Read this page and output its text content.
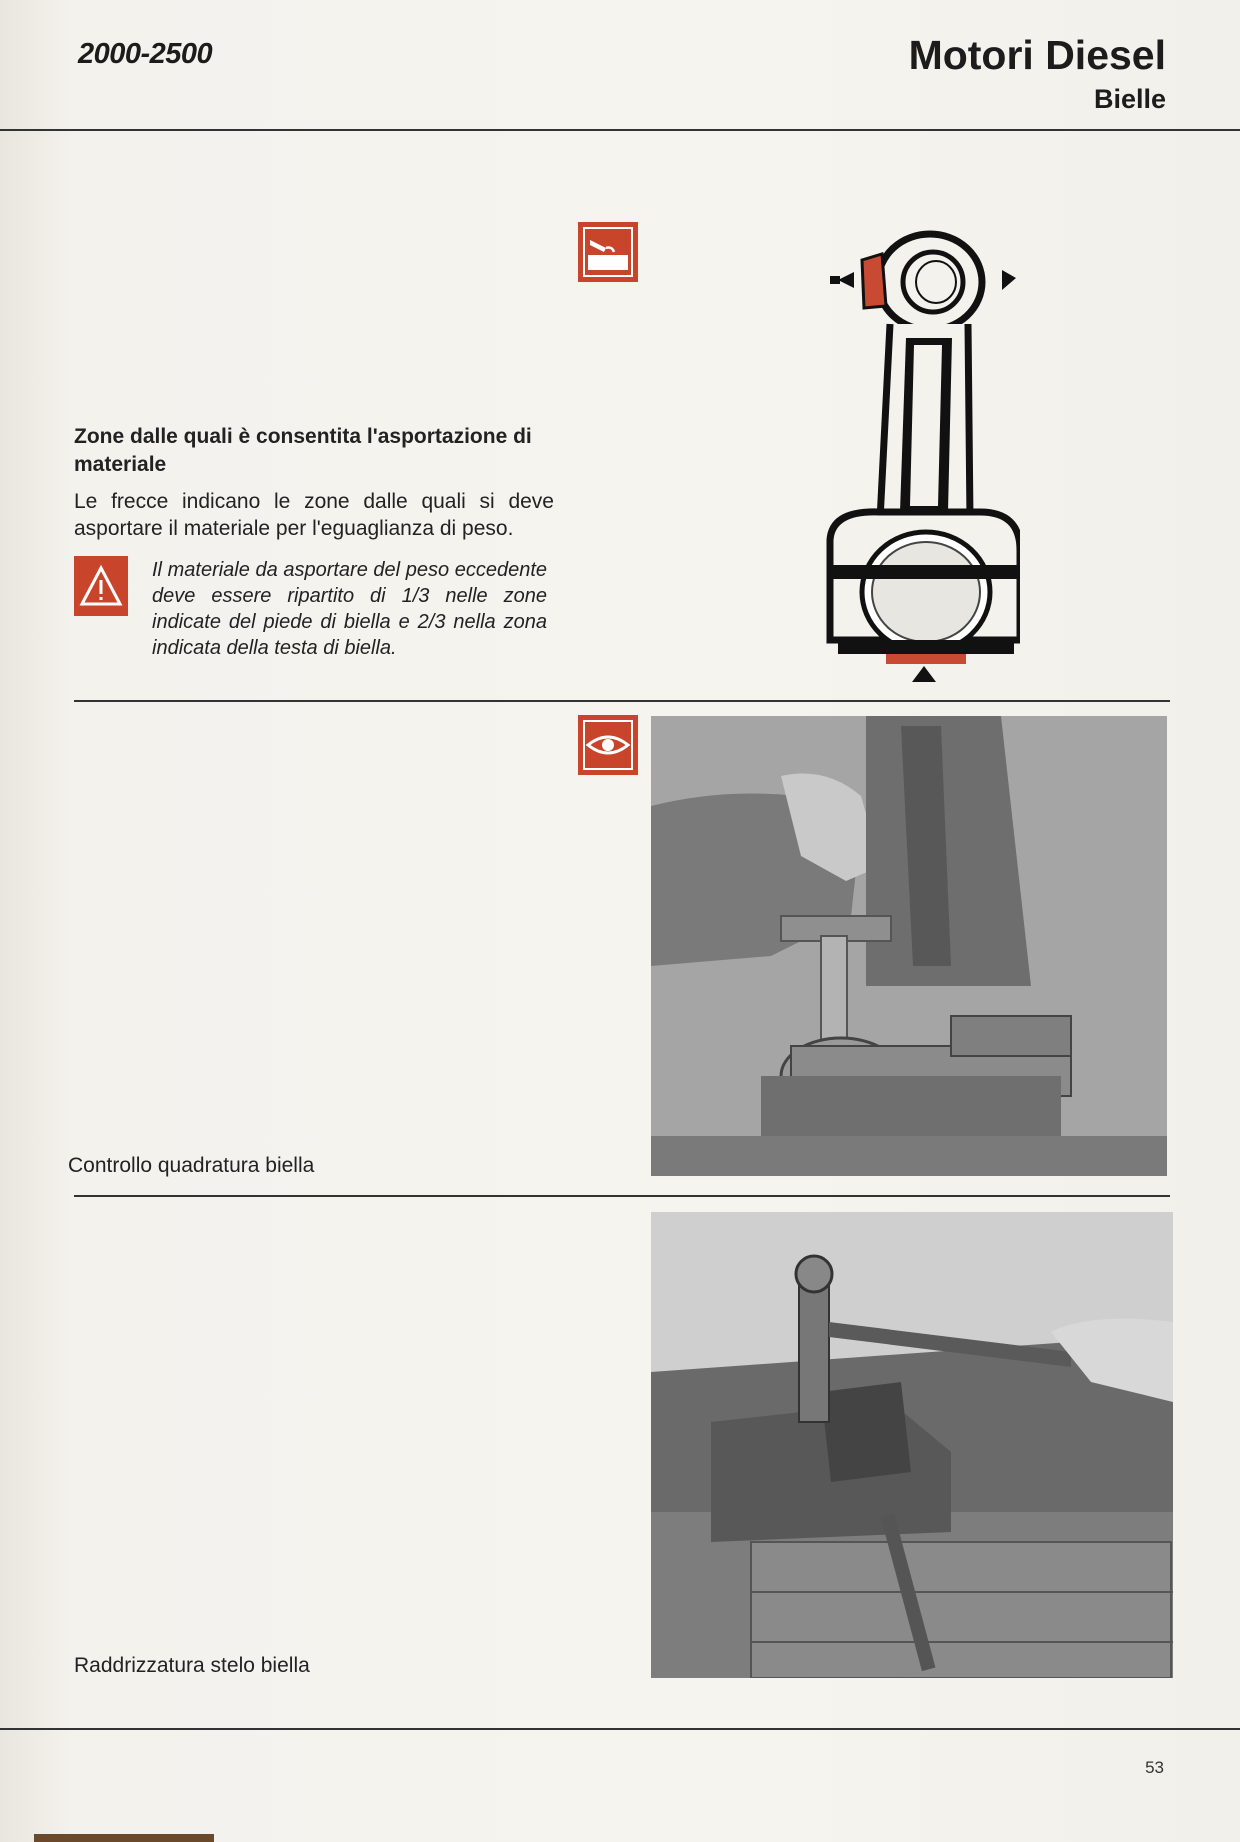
2000-2500	Motori Diesel
Bielle
Zone dalle quali è consentita l'asportazione di materiale
Le frecce indicano le zone dalle quali si deve asportare il materiale per l'eguaglianza di peso.
Il materiale da asportare del peso eccedente deve essere ripartito di 1/3 nelle zone indicate del piede di biella e 2/3 nella zona indicata della testa di biella.
Controllo quadratura biella
Raddrizzatura stelo biella
53
